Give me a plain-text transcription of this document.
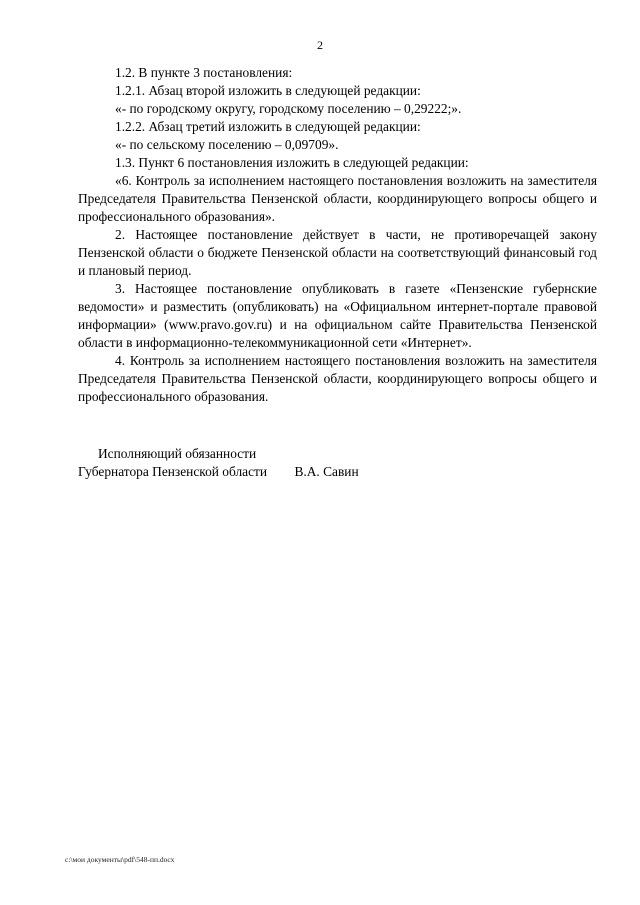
2

1.2. В пункте 3 постановления:

1.2.1. Абзац второй изложить в следующей редакции:

«- по городскому округу, городскому поселению – 0,29222;».

1.2.2. Абзац третий изложить в следующей редакции:

«- по сельскому поселению – 0,09709».

1.3. Пункт 6 постановления изложить в следующей редакции:

«6. Контроль за исполнением настоящего постановления возложить на заместителя Председателя Правительства Пензенской области, координирующего вопросы общего и профессионального образования».

2. Настоящее постановление действует в части, не противоречащей закону Пензенской области о бюджете Пензенской области на соответствующий финансовый год и плановый период.

3. Настоящее постановление опубликовать в газете «Пензенские губернские ведомости» и разместить (опубликовать) на «Официальном интернет-портале правовой информации» (www.pravo.gov.ru) и на официальном сайте Правительства Пензенской области в информационно-телекоммуникационной сети «Интернет».

4. Контроль за исполнением настоящего постановления возложить на заместителя Председателя Правительства Пензенской области, координирующего вопросы общего и профессионального образования.

Исполняющий обязанности
Губернатора Пензенской области В.А. Савин
c:\мои документы\pdf\548-пп.docx
